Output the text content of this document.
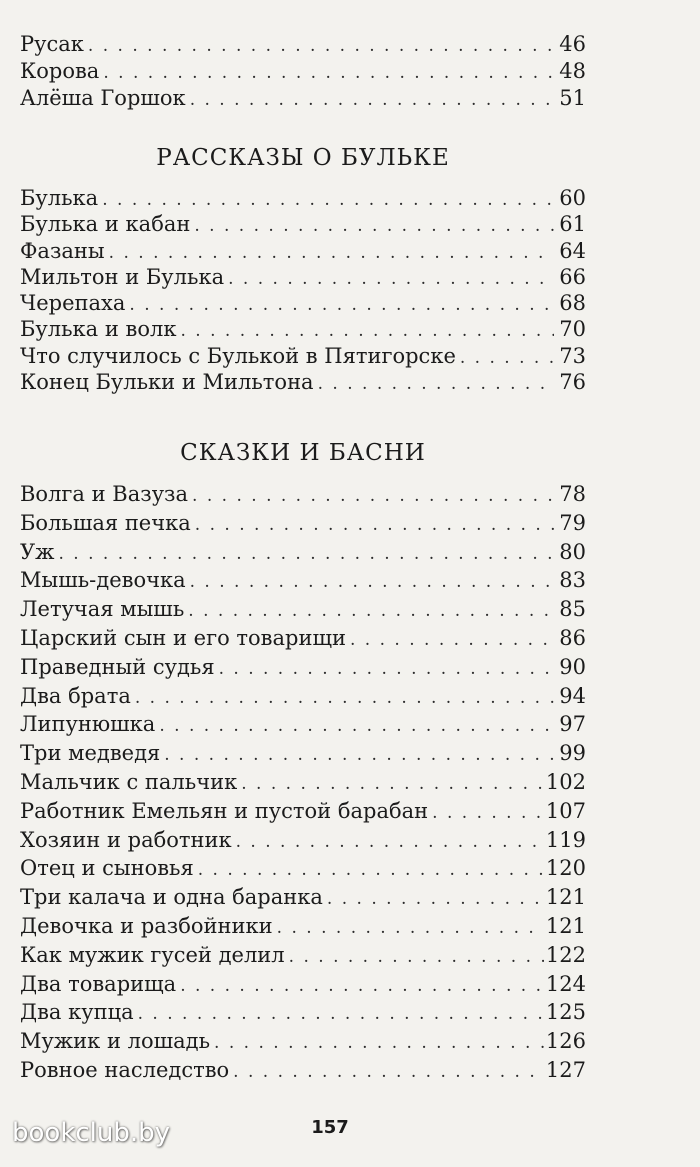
Русак . . .	46
Корова . . .	48
Алёша Горшок . . .	51
РАССКАЗЫ О БУЛЬКЕ
Булька . . .	60
Булька и кабан . . .	61
Фазаны . . .	64
Мильтон и Булька . . .	66
Черепаха . . .	68
Булька и волк . . .	70
Что случилось с Булькой в Пятигорске . . .	73
Конец Бульки и Мильтона . . .	76
СКАЗКИ И БАСНИ
Волга и Вазуза . . .	78
Большая печка . . .	79
Уж . . .	80
Мышь-девочка . . .	83
Летучая мышь . . .	85
Царский сын и его товарищи . . .	86
Праведный судья . . .	90
Два брата . . .	94
Липунюшка . . .	97
Три медведя . . .	99
Мальчик с пальчик . . .	102
Работник Емельян и пустой барабан . . .	107
Хозяин и работник . . .	119
Отец и сыновья . . .	120
Три калача и одна баранка . . .	121
Девочка и разбойники . . .	121
Как мужик гусей делил . . .	122
Два товарища . . .	124
Два купца . . .	125
Мужик и лошадь . . .	126
Ровное наследство . . .	127
157
bookclub.by
